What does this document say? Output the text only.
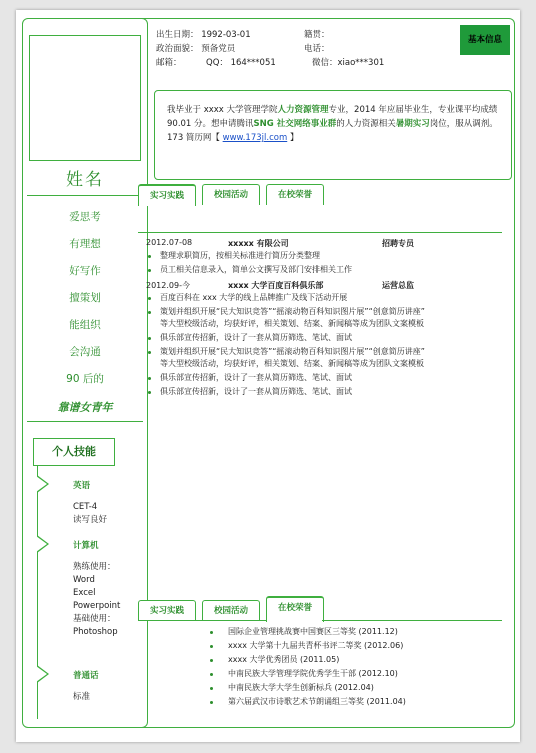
姓名
爱思考
有理想
好写作
擅策划
能组织
会沟通
90 后的
靠谱女青年
个人技能
英语
CET-4
读写良好
计算机
熟练使用：
Word
Excel
Powerpoint
基础使用：
Photoshop
普通话
标准
出生日期： 1992-03-01	籍贯：
政治面貌： 预备党员	电话：
邮箱：	QQ： 164***051	微信：xiao***301
基本信息
我毕业于 xxxx 大学管理学院人力资源管理专业，2014 年应届毕业生，专业课平均成绩 90.01 分。想申请腾讯SNG 社交网络事业群的人力资源相关暑期实习岗位，服从调剂。173 简历网【 www.173jl.com 】
实习实践	校园活动	在校荣誉
2012.07-08	xxxxx 有限公司	招聘专员
整理求职简历，按相关标准进行简历分类整理
员工相关信息录入，简单公文撰写及部门安排相关工作
2012.09-今	xxxx 大学百度百科俱乐部	运营总监
百度百科在 xxx 大学的线上品牌推广及线下活动开展
策划并组织开展“民大知识竞答”“摇滚动物百科知识图片展”“创意简历讲座”
等大型校级活动，均获好评，相关策划、结案、新闻稿等成为团队文案模板
俱乐部宣传招新，设计了一套从简历筛选、笔试、面试
策划并组织开展“民大知识竞答”“摇滚动物百科知识图片展”“创意简历讲座”
等大型校级活动，均获好评，相关策划、结案、新闻稿等成为团队文案模板
俱乐部宣传招新，设计了一套从简历筛选、笔试、面试
俱乐部宣传招新，设计了一套从简历筛选、笔试、面试
实习实践	校园活动	在校荣誉
国际企业管理挑战赛中国赛区三等奖 (2011.12)
xxxx 大学第十九届共青杯书评二等奖 (2012.06)
xxxx 大学优秀团员 (2011.05)
中南民族大学管理学院优秀学生干部 (2012.10)
中南民族大学大学生创新标兵 (2012.04)
第六届武汉市诗歌艺术节朗诵组三等奖 (2011.04)
